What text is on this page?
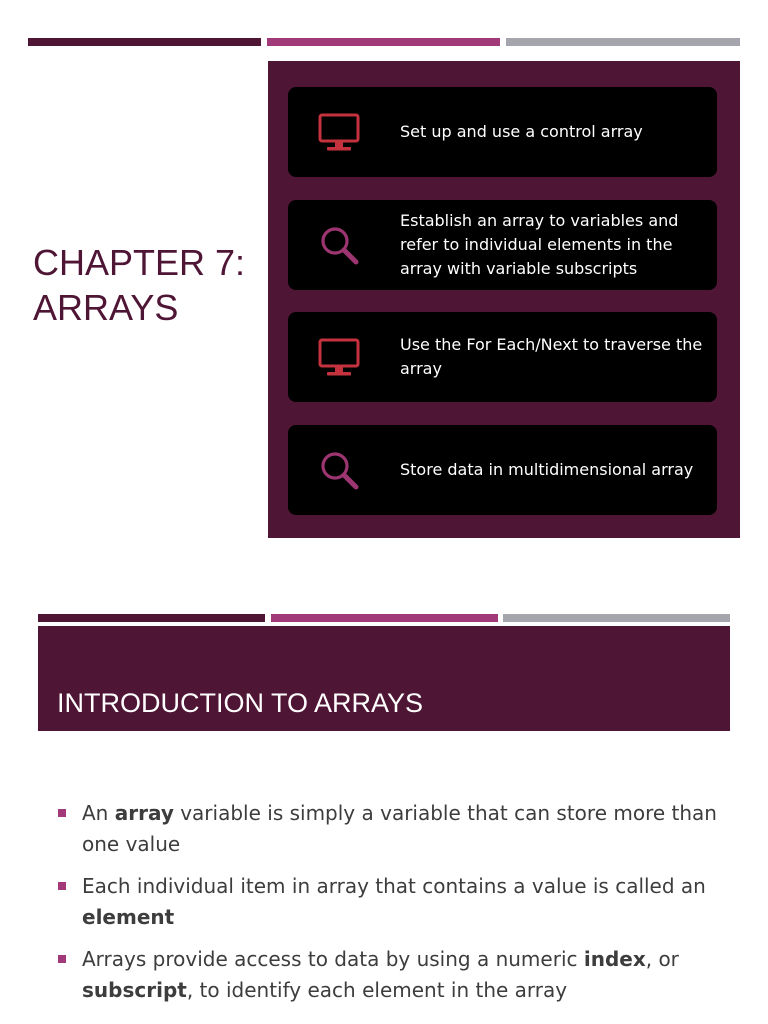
CHAPTER 7:
ARRAYS
Set up and use a control array
Establish an array to variables and refer to individual elements in the array with variable subscripts
Use the For Each/Next to traverse the array
Store data in multidimensional array
INTRODUCTION TO ARRAYS
An array variable is simply a variable that can store more than one value
Each individual item in array that contains a value is called an element
Arrays provide access to data by using a numeric index, or subscript, to identify each element in the array
